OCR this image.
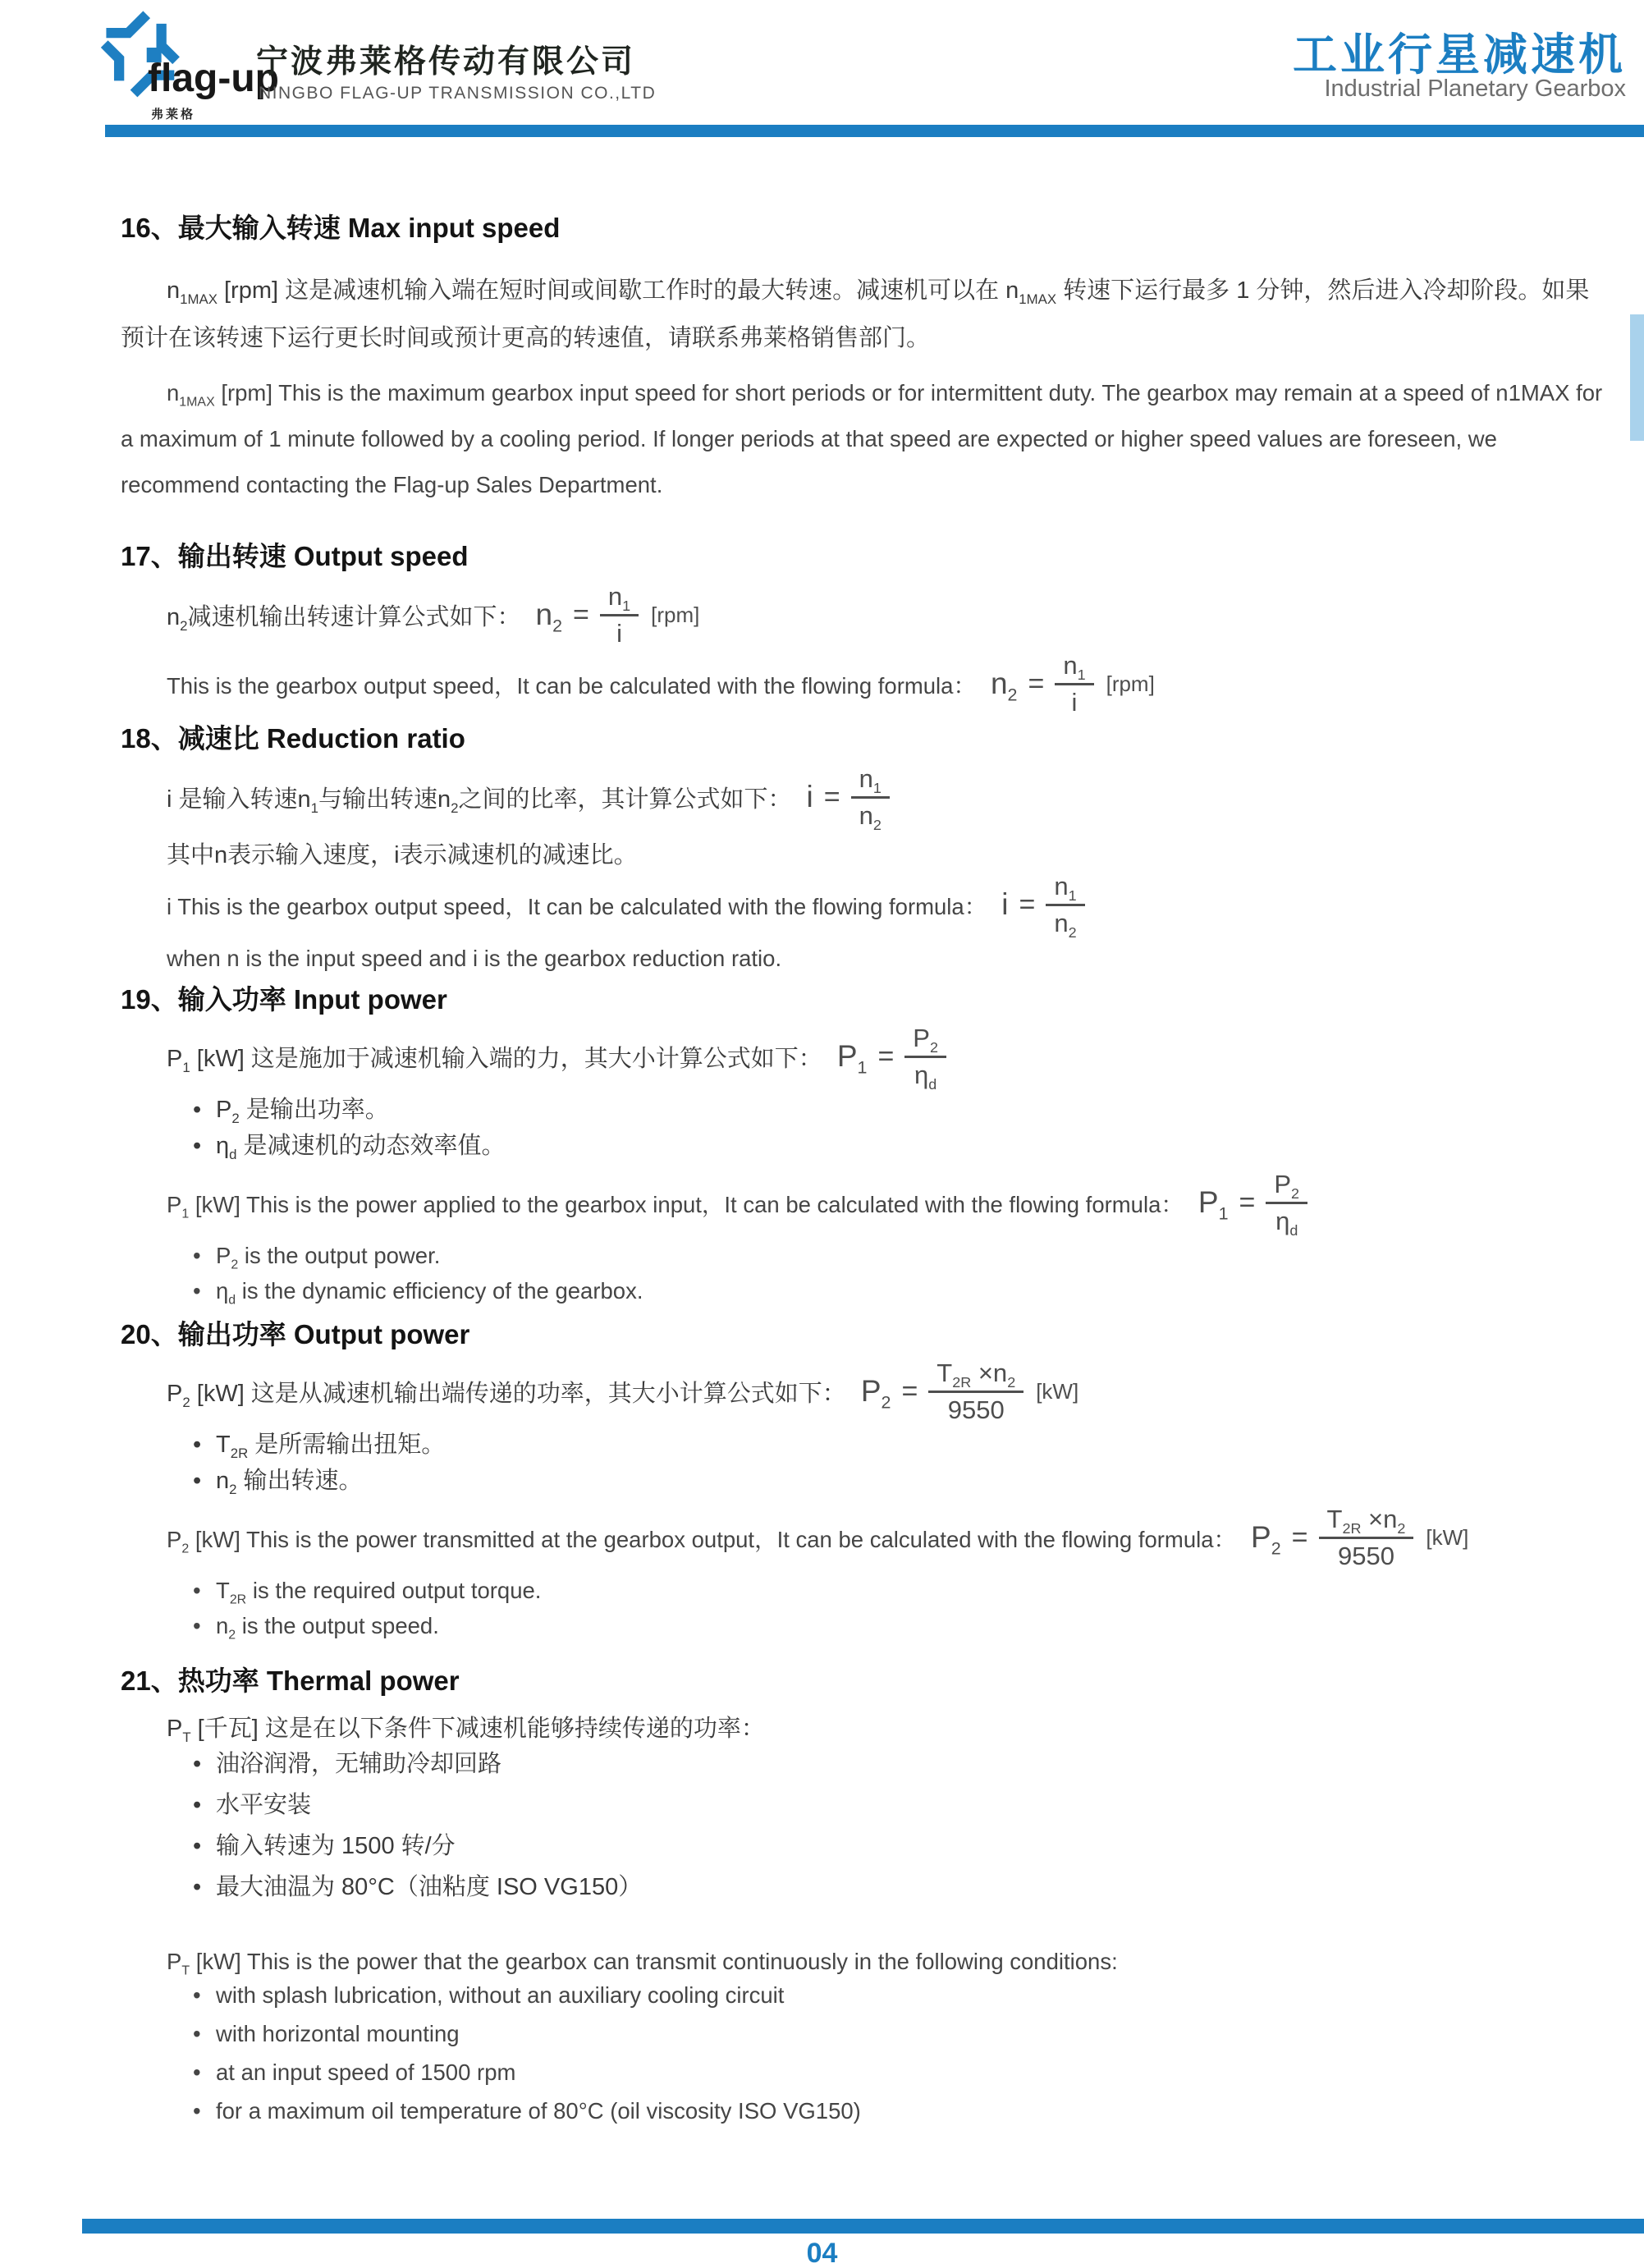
flag-up
弗莱格
宁波弗莱格传动有限公司
NINGBO FLAG-UP TRANSMISSION CO.,LTD
工业行星减速机
Industrial Planetary Gearbox
16、最大输入转速 Max input speed

$n_{1MAX}$ [rpm] 这是减速机输入端在短时间或间歇工作时的最大转速。减速机可以在 $n_{1MAX}$ 转速下运行最多 1 分钟，然后进入冷却阶段。如果预计在该转速下运行更长时间或预计更高的转速值，请联系弗莱格销售部门。

$n_{1MAX}$ [rpm] This is the maximum gearbox input speed for short periods or for intermittent duty. The gearbox may remain at a speed of n1MAX for a maximum of 1 minute followed by a cooling period. If longer periods at that speed are expected or higher speed values are foreseen, we recommend contacting the Flag-up Sales Department.

17、输出转速 Output speed
$n_2$减速机输出转速计算公式如下： $n_2 = \frac{n_1}{i} [rpm]$
This is the gearbox output speed，It can be calculated with the flowing formula： $n_2 = \frac{n_1}{i} [rpm]$
18、减速比 Reduction ratio
i 是输入转速$n_1$与输出转速$n_2$之间的比率，其计算公式如下： $i = \frac{n_1}{n_2}$

其中n表示输入速度，i表示减速机的减速比。

i This is the gearbox output speed，It can be calculated with the flowing formula： $i = \frac{n_1}{n_2}$

when n is the input speed and i is the gearbox reduction ratio.

19、输入功率 Input power
$P_1$ [kW] 这是施加于减速机输入端的力，其大小计算公式如下： $P_1 = \frac{P_2}{\eta_d}$
• $P_2$ 是输出功率。
• $\eta_d$ 是减速机的动态效率值。
$P_1$ [kW] This is the power applied to the gearbox input，It can be calculated with the flowing formula： $P_1 = \frac{P_2}{\eta_d}$
• $P_2$ is the output power.
• $\eta_d$ is the dynamic efficiency of the gearbox.
20、输出功率 Output power
$P_2$ [kW] 这是从减速机输出端传递的功率，其大小计算公式如下： $P_2 = \frac{T_{2R} \times n_2}{9550} [kW]$
• $T_{2R}$ 是所需输出扭矩。
• $n_2$ 输出转速。
$P_2$ [kW] This is the power transmitted at the gearbox output，It can be calculated with the flowing formula： $P_2 = \frac{T_{2R} \times n_2}{9550} [kW]$
• $T_{2R}$ is the required output torque.
• $n_2$ is the output speed.
21、热功率 Thermal power

$P_T$ [千瓦] 这是在以下条件下减速机能够持续传递的功率：

• 油浴润滑，无辅助冷却回路
• 水平安装
• 输入转速为 1500 转/分
• 最大油温为 80°C（油粘度 ISO VG150）

$P_T$ [kW] This is the power that the gearbox can transmit continuously in the following conditions:

• with splash lubrication, without an auxiliary cooling circuit
• with horizontal mounting
• at an input speed of 1500 rpm
• for a maximum oil temperature of 80°C (oil viscosity ISO VG150)
04
